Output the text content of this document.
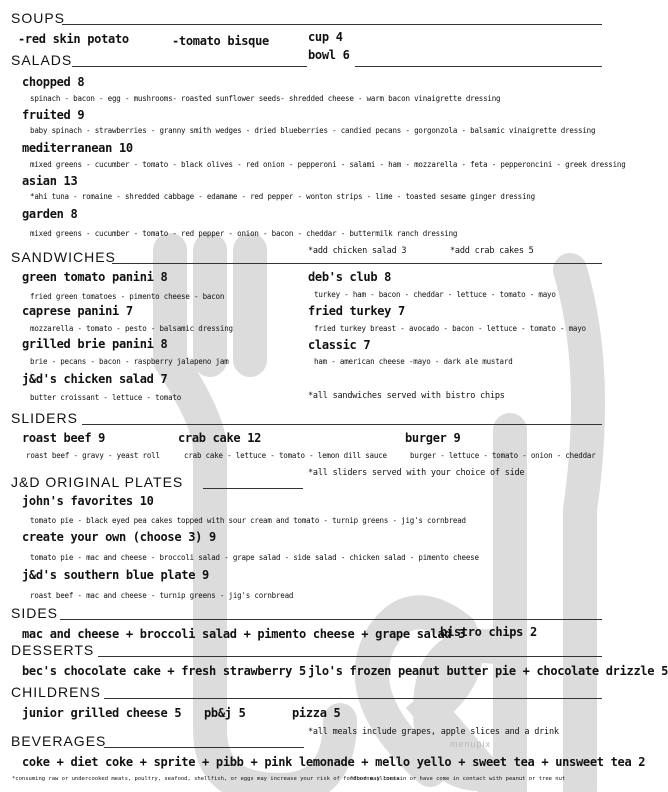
SOUPS
-red skin potato	-tomato bisque	cup 4
SALADS	bowl 6
chopped 8
spinach - bacon - egg - mushrooms- roasted sunflower seeds- shredded cheese - warm bacon vinaigrette dressing
fruited 9
baby spinach - strawberries - granny smith wedges - dried blueberries - candied pecans - gorgonzola - balsamic vinaigrette dressing
mediterranean 10
mixed greens - cucumber - tomato - black olives - red onion - pepperoni - salami - ham - mozzarella - feta - pepperoncini - greek dressing
asian 13
*ahi tuna - romaine - shredded cabbage - edamame - red pepper - wonton strips - lime - toasted sesame ginger dressing
garden 8
mixed greens - cucumber - tomato - red pepper - onion - bacon - cheddar - buttermilk ranch dressing
SANDWICHES	*add chicken salad 3	*add crab cakes 5
green tomato panini 8
fried green tomatoes - pimento cheese - bacon
caprese panini 7
mozzarella - tomato - pesto - balsamic dressing
grilled brie panini 8
brie - pecans - bacon - raspberry jalapeno jam
j&d's chicken salad 7
butter croissant - lettuce - tomato
deb's club 8
turkey - ham - bacon - cheddar - lettuce - tomato - mayo
fried turkey 7
fried turkey breast - avocado - bacon - lettuce - tomato - mayo
classic 7
ham - american cheese -mayo - dark ale mustard
*all sandwiches served with bistro chips
SLIDERS
roast beef 9
roast beef - gravy - yeast roll
crab cake 12
crab cake - lettuce - tomato - lemon dill sauce
burger 9
burger - lettuce - tomato - onion - cheddar
*all sliders served with your choice of side
J&D ORIGINAL PLATES
john's favorites 10
tomato pie - black eyed pea cakes topped with sour cream and tomato - turnip greens - jig's cornbread
create your own (choose 3) 9
tomato pie - mac and cheese - broccoli salad - grape salad - side salad - chicken salad - pimento cheese
j&d's southern blue plate 9
roast beef - mac and cheese - turnip greens - jig's cornbread
SIDES
mac and cheese + broccoli salad + pimento cheese + grape salad 3
bistro chips 2
DESSERTS
bec's chocolate cake + fresh strawberry 5 jlo's frozen peanut butter pie + chocolate drizzle 5
CHILDRENS
junior grilled cheese 5 pb&j 5	pizza 5
*all meals include grapes, apple slices and a drink
BEVERAGES	menupix
coke + diet coke + sprite + pibb + pink lemonade + mello yello + sweet tea + unsweet tea 2
*consuming raw or undercooked meats, poultry, seafood, shellfish, or eggs may increase your risk of foodborne illness
*food may contain or have come in contact with peanut or tree nut
